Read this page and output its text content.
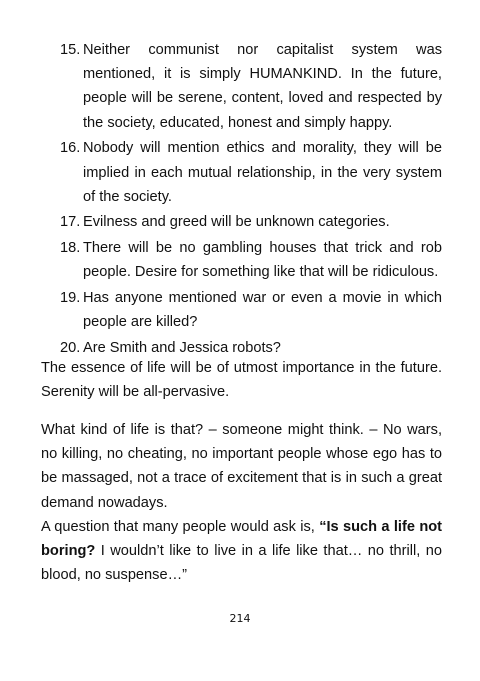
15. Neither communist nor capitalist system was mentioned, it is simply HUMANKIND. In the future, people will be serene, content, loved and respected by the society, educated, honest and simply happy.
16. Nobody will mention ethics and morality, they will be implied in each mutual relationship, in the very system of the society.
17. Evilness and greed will be unknown categories.
18. There will be no gambling houses that trick and rob people. Desire for something like that will be ridiculous.
19. Has anyone mentioned war or even a movie in which people are killed?
20. Are Smith and Jessica robots?

The essence of life will be of utmost importance in the future. Serenity will be all-pervasive.

What kind of life is that? – someone might think. – No wars, no killing, no cheating, no important people whose ego has to be massaged, not a trace of excitement that is in such a great demand nowadays.

A question that many people would ask is, “Is such a life not boring? I wouldn’t like to live in a life like that… no thrill, no blood, no suspense…”

214
